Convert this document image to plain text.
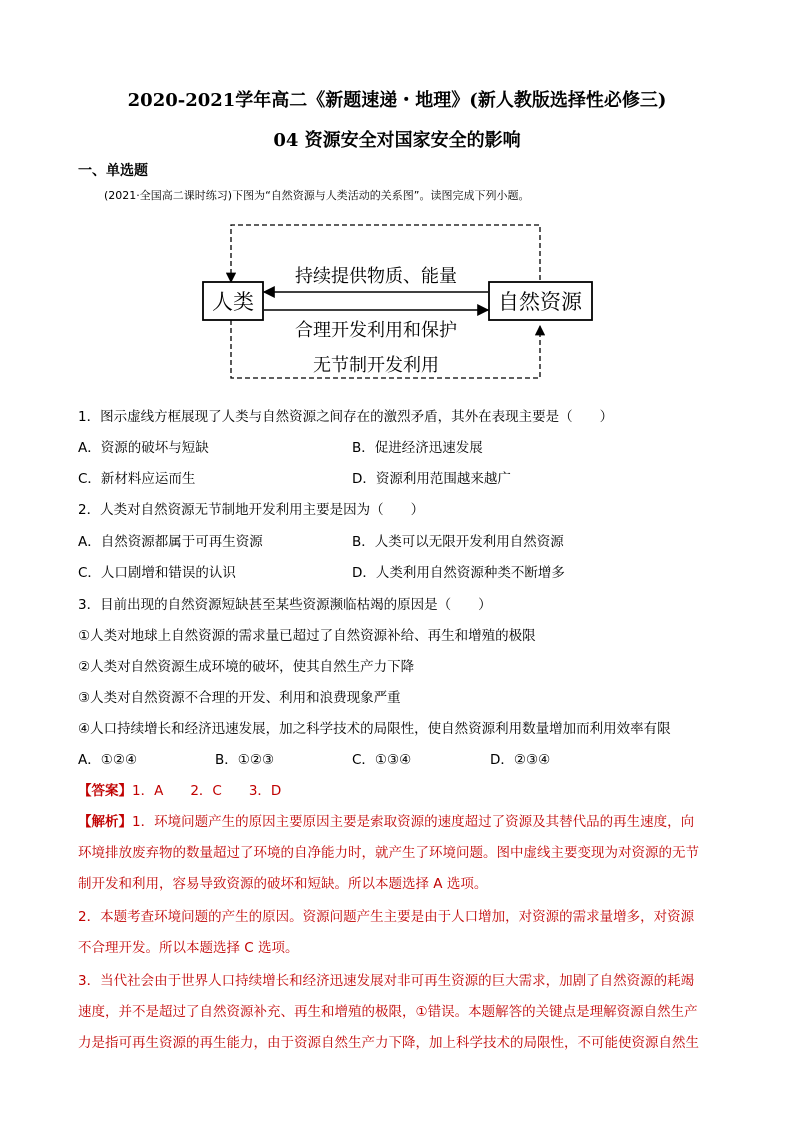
2020-2021学年高二《新题速递・地理》(新人教版选择性必修三)
04 资源安全对国家安全的影响
一、单选题
(2021·全国高二课时练习)下图为“自然资源与人类活动的关系图”。读图完成下列小题。
人类	自然资源
持续提供物质、能量
合理开发利用和保护
无节制开发利用
1．图示虚线方框展现了人类与自然资源之间存在的激烈矛盾，其外在表现主要是（　　）
A．资源的破坏与短缺	B．促进经济迅速发展
C．新材料应运而生	D．资源利用范围越来越广
2．人类对自然资源无节制地开发利用主要是因为（　　）
A．自然资源都属于可再生资源	B．人类可以无限开发利用自然资源
C．人口剧增和错误的认识	D．人类利用自然资源种类不断增多
3．目前出现的自然资源短缺甚至某些资源濒临枯竭的原因是（　　）
①人类对地球上自然资源的需求量已超过了自然资源补给、再生和增殖的极限
②人类对自然资源生成环境的破坏，使其自然生产力下降
③人类对自然资源不合理的开发、利用和浪费现象严重
④人口持续增长和经济迅速发展，加之科学技术的局限性，使自然资源利用数量增加而利用效率有限
A．①②④	B．①②③	C．①③④	D．②③④
【答案】1．A　　2．C　　3．D
【解析】1．环境问题产生的原因主要原因主要是索取资源的速度超过了资源及其替代品的再生速度，向
环境排放废弃物的数量超过了环境的自净能力时，就产生了环境问题。图中虚线主要变现为对资源的无节
制开发和利用，容易导致资源的破坏和短缺。所以本题选择 A 选项。
2．本题考查环境问题的产生的原因。资源问题产生主要是由于人口增加，对资源的需求量增多，对资源
不合理开发。所以本题选择 C 选项。
3．当代社会由于世界人口持续增长和经济迅速发展对非可再生资源的巨大需求，加剧了自然资源的耗竭
速度，并不是超过了自然资源补充、再生和增殖的极限，①错误。本题解答的关键点是理解资源自然生产
力是指可再生资源的再生能力，由于资源自然生产力下降，加上科学技术的局限性，不可能使资源自然生
